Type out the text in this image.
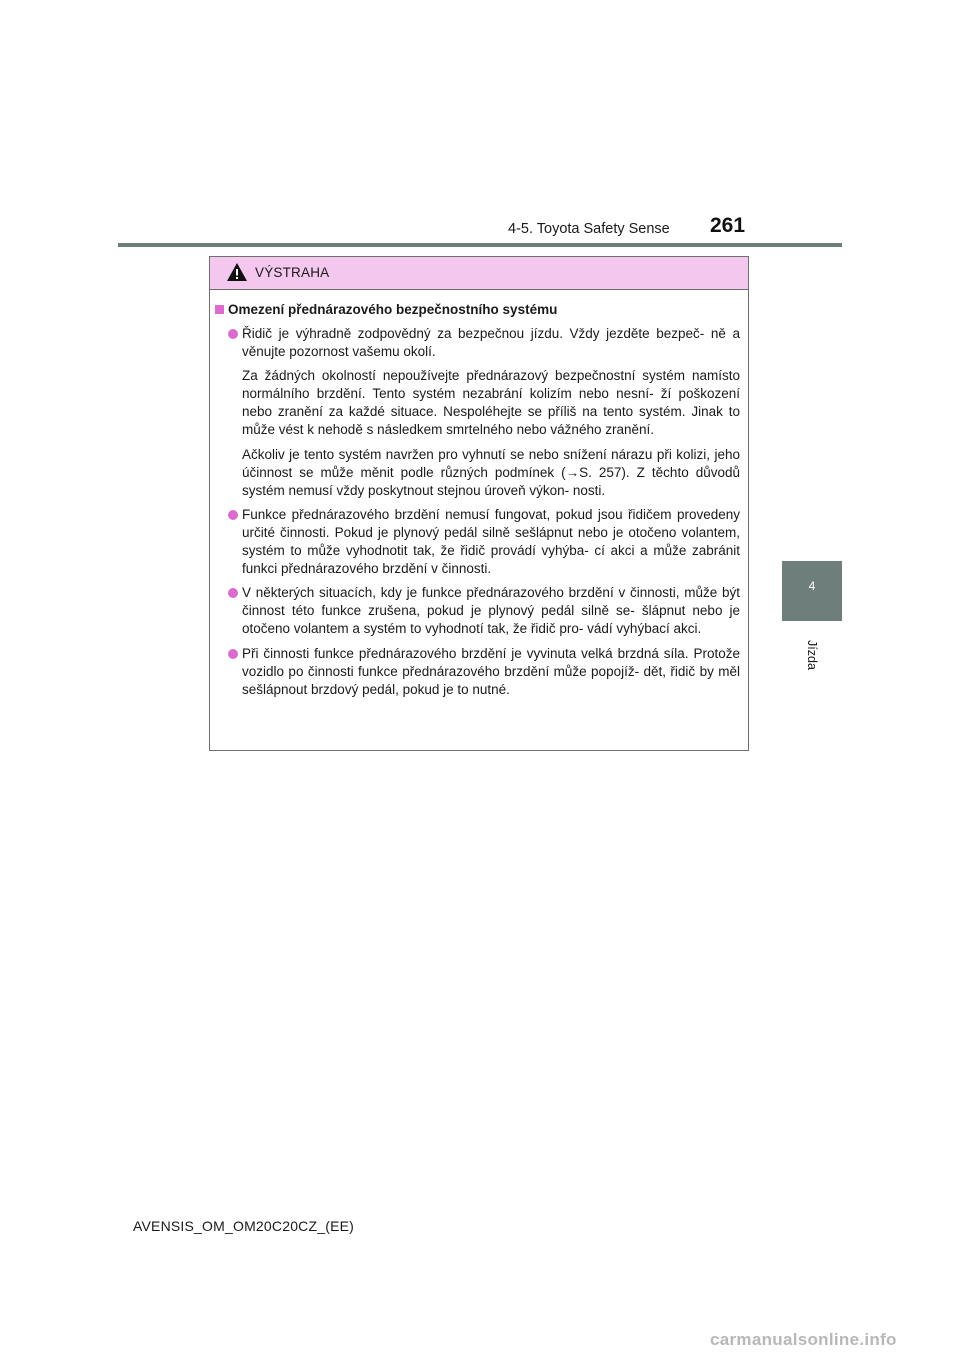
4-5. Toyota Safety Sense 261
4
Jízda
VÝSTRAHA
Omezení přednárazového bezpečnostního systému

Řidič je výhradně zodpovědný za bezpečnou jízdu. Vždy jezděte bezpeč- ně a věnujte pozornost vašemu okolí.

Za žádných okolností nepoužívejte přednárazový bezpečnostní systém namísto normálního brzdění. Tento systém nezabrání kolizím nebo nesní- ží poškození nebo zranění za každé situace. Nespoléhejte se příliš na tento systém. Jinak to může vést k nehodě s následkem smrtelného nebo vážného zranění.

Ačkoliv je tento systém navržen pro vyhnutí se nebo snížení nárazu při kolizi, jeho účinnost se může měnit podle různých podmínek (→S. 257). Z těchto důvodů systém nemusí vždy poskytnout stejnou úroveň výkon- nosti.

Funkce přednárazového brzdění nemusí fungovat, pokud jsou řidičem provedeny určité činnosti. Pokud je plynový pedál silně sešlápnut nebo je otočeno volantem, systém to může vyhodnotit tak, že řidič provádí vyhýba- cí akci a může zabránit funkci přednárazového brzdění v činnosti.

V některých situacích, kdy je funkce přednárazového brzdění v činnosti, může být činnost této funkce zrušena, pokud je plynový pedál silně se- šlápnut nebo je otočeno volantem a systém to vyhodnotí tak, že řidič pro- vádí vyhýbací akci.

Při činnosti funkce přednárazového brzdění je vyvinuta velká brzdná síla. Protože vozidlo po činnosti funkce přednárazového brzdění může popojíž- dět, řidič by měl sešlápnout brzdový pedál, pokud je to nutné.

AVENSIS_OM_OM20C20CZ_(EE)
carmanualsonline.info
